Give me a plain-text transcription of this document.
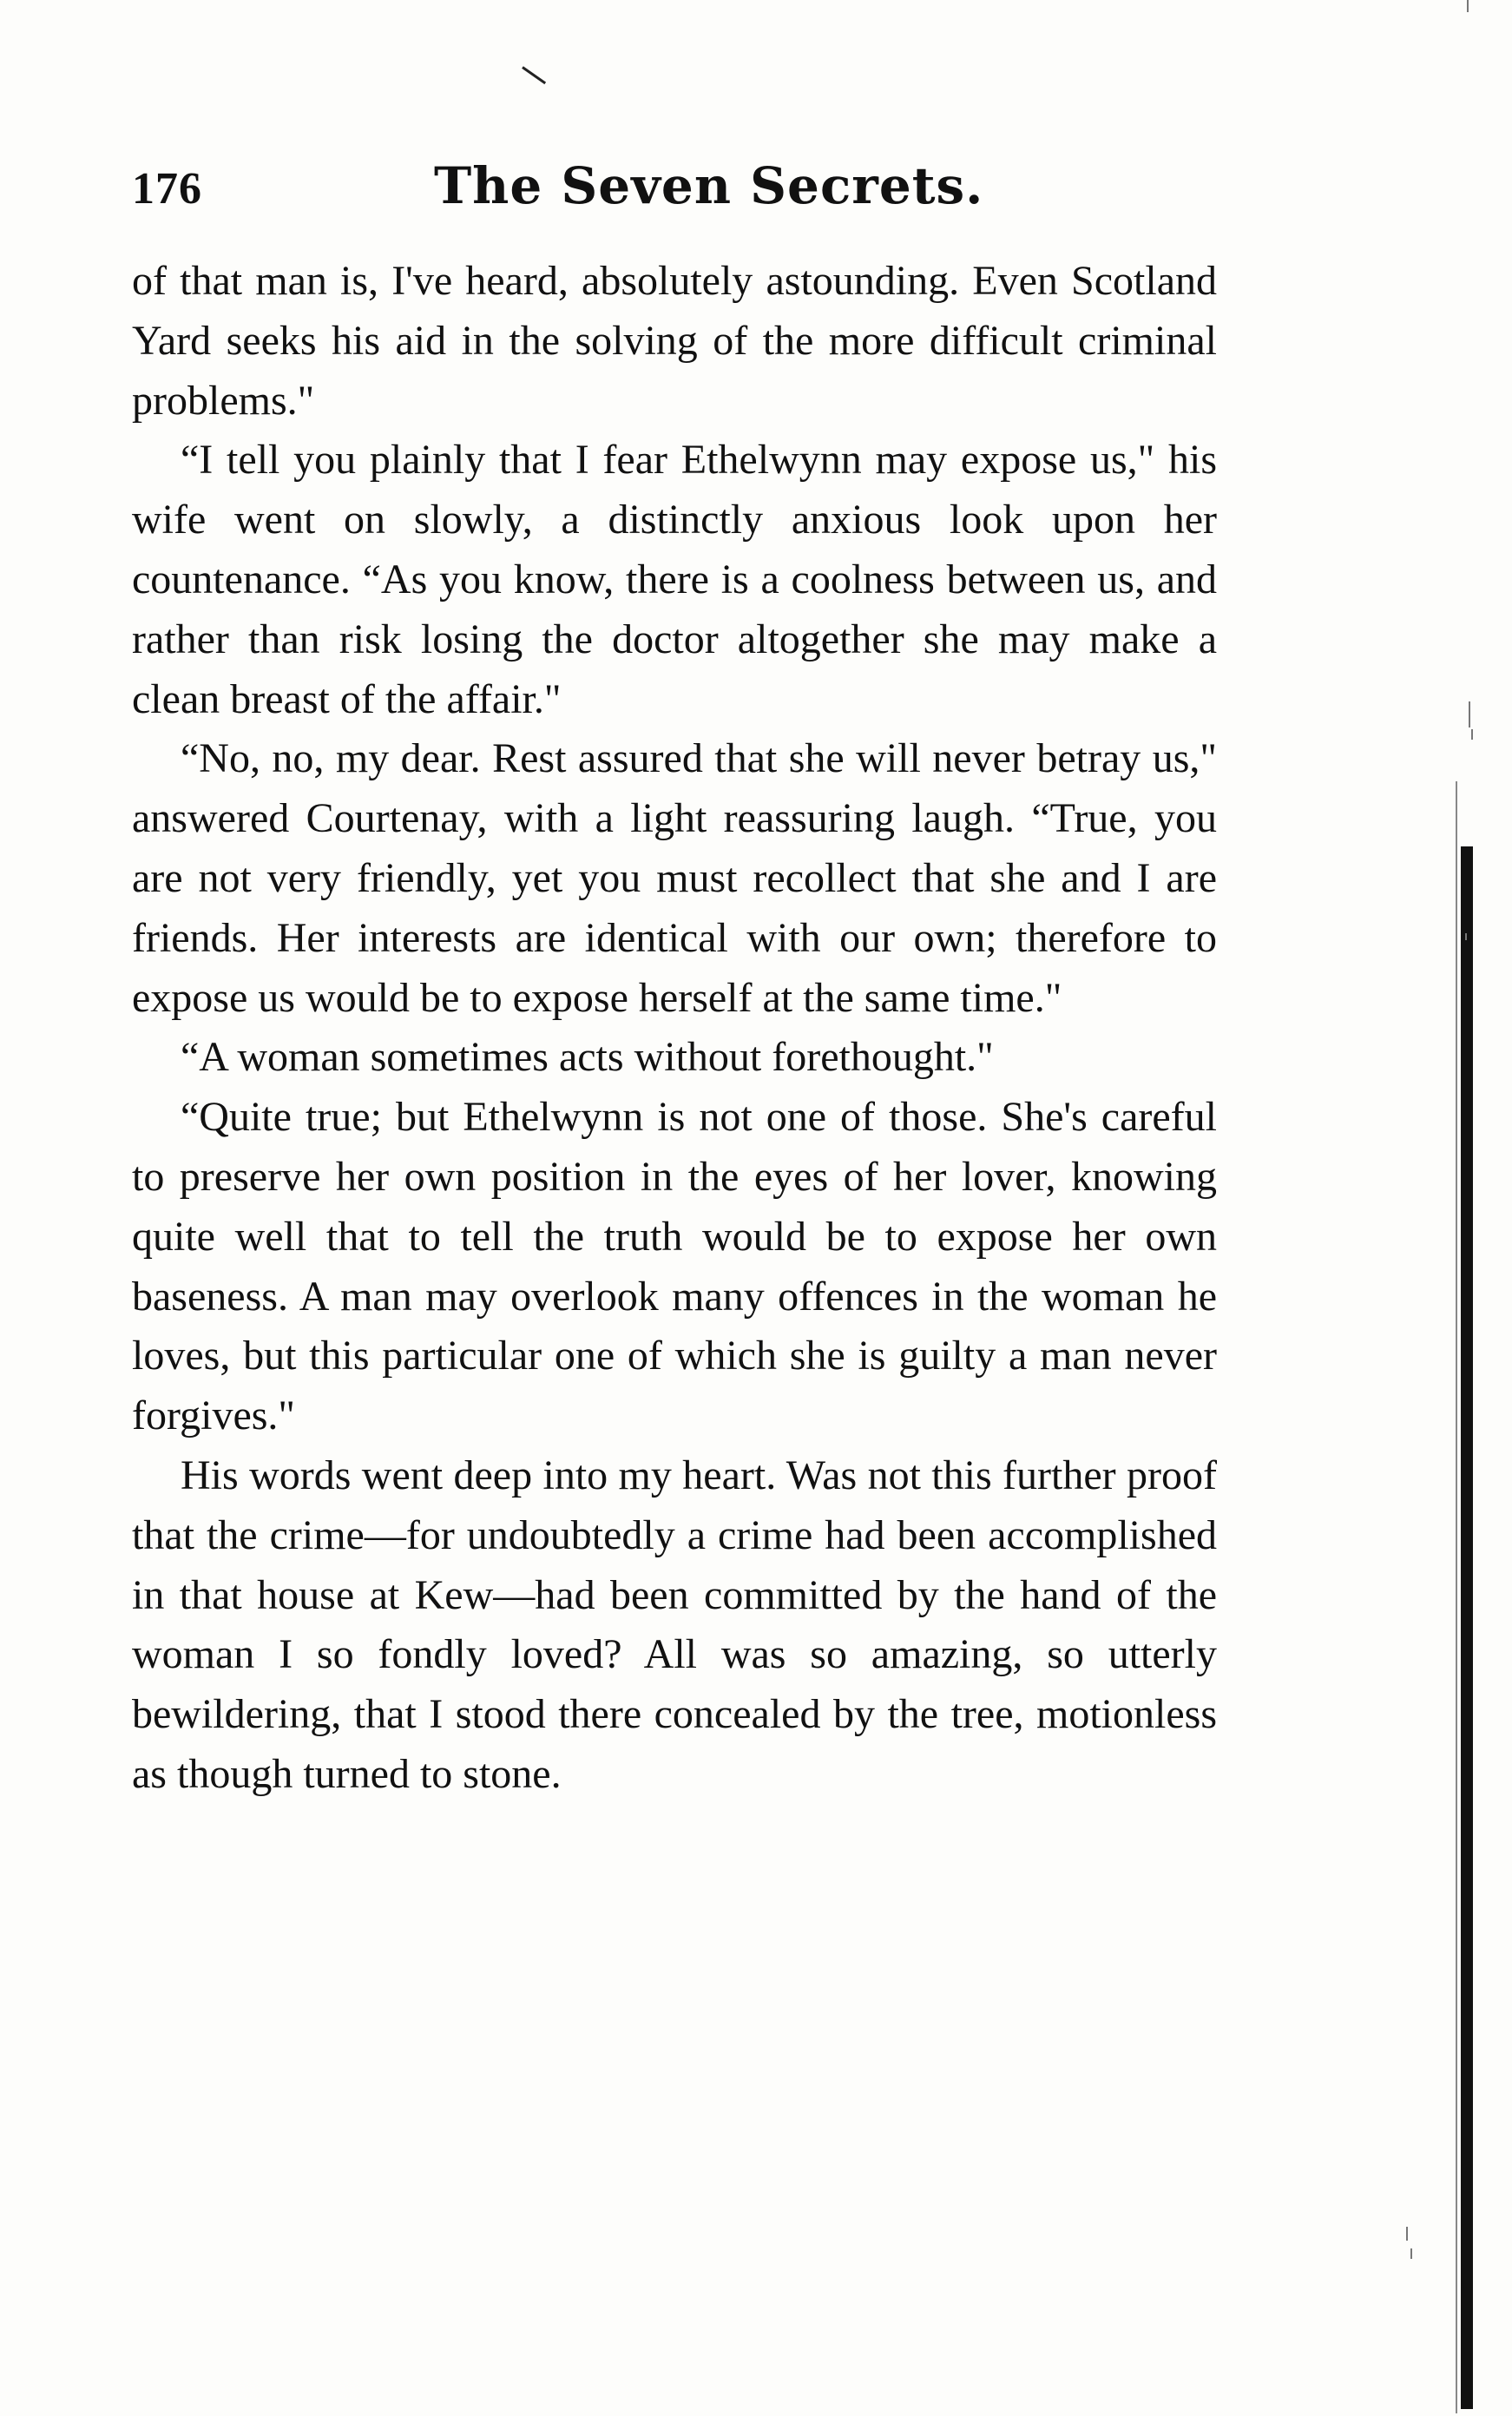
176	The Seven Secrets.

of that man is, I've heard, absolutely astounding. Even Scotland Yard seeks his aid in the solving of the more difficult criminal problems."

“I tell you plainly that I fear Ethelwynn may expose us," his wife went on slowly, a distinctly anxious look upon her countenance. “As you know, there is a coolness between us, and rather than risk losing the doctor altogether she may make a clean breast of the affair."

“No, no, my dear. Rest assured that she will never betray us," answered Courtenay, with a light reassuring laugh. “True, you are not very friendly, yet you must recollect that she and I are friends. Her interests are identical with our own; therefore to expose us would be to expose herself at the same time."

“A woman sometimes acts without forethought."

“Quite true; but Ethelwynn is not one of those. She's careful to preserve her own position in the eyes of her lover, knowing quite well that to tell the truth would be to expose her own baseness. A man may overlook many offences in the woman he loves, but this particular one of which she is guilty a man never forgives."

His words went deep into my heart. Was not this further proof that the crime—for undoubtedly a crime had been accomplished in that house at Kew—had been committed by the hand of the woman I so fondly loved? All was so amazing, so utterly bewildering, that I stood there concealed by the tree, motionless as though turned to stone.
